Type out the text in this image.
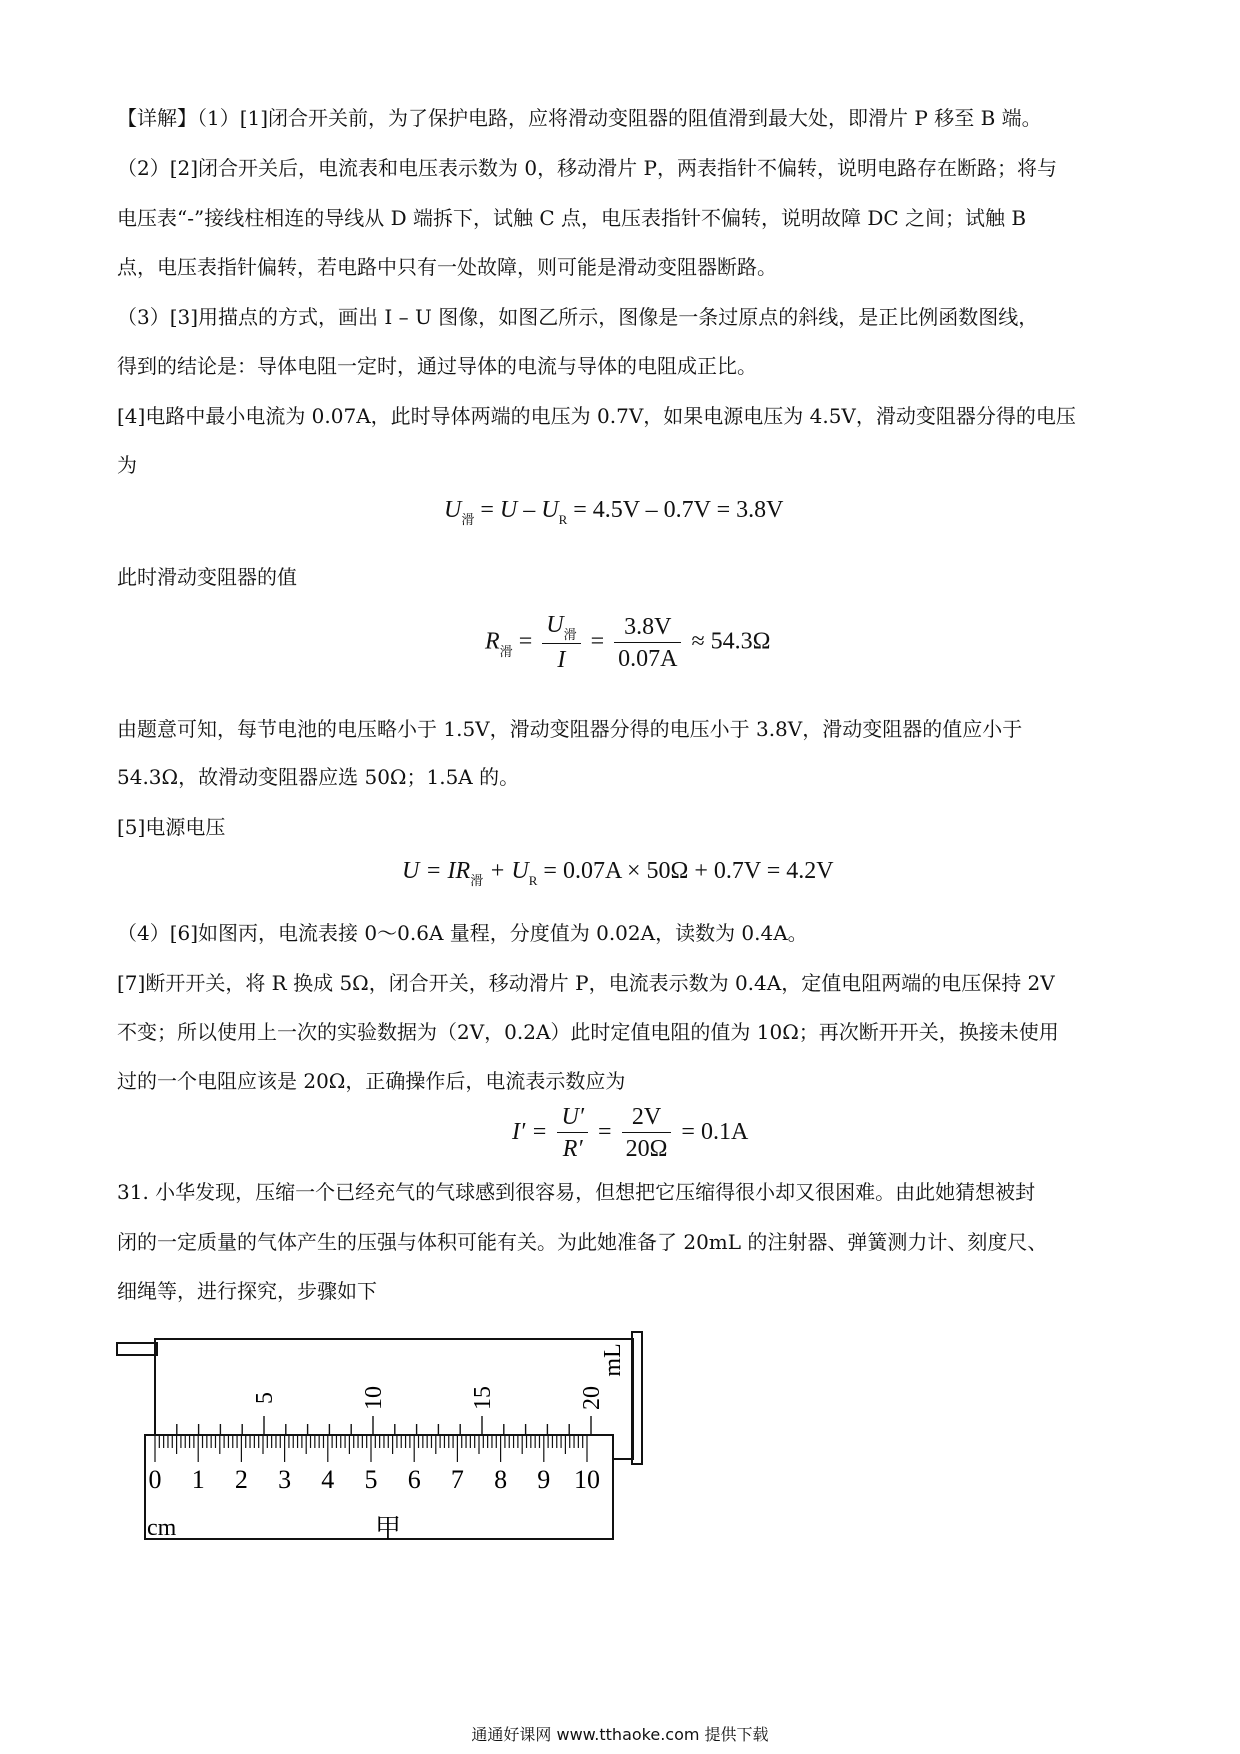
【详解】（1）[1]闭合开关前，为了保护电路，应将滑动变阻器的阻值滑到最大处，即滑片 P 移至 B 端。
（2）[2]闭合开关后，电流表和电压表示数为 0，移动滑片 P，两表指针不偏转，说明电路存在断路；将与
电压表“-”接线柱相连的导线从 D 端拆下，试触 C 点，电压表指针不偏转，说明故障 DC 之间；试触 B
点，电压表指针偏转，若电路中只有一处故障，则可能是滑动变阻器断路。
（3）[3]用描点的方式，画出 I – U 图像，如图乙所示，图像是一条过原点的斜线，是正比例函数图线，
得到的结论是：导体电阻一定时，通过导体的电流与导体的电阻成正比。
[4]电路中最小电流为 0.07A，此时导体两端的电压为 0.7V，如果电源电压为 4.5V，滑动变阻器分得的电压
为
$U_滑 = U - U_R = 4.5V - 0.7V = 3.8V$
此时滑动变阻器的值
$R_滑 = \frac{U_滑}{I} = \frac{3.8V}{0.07A} \approx 54.3\Omega$
由题意可知，每节电池的电压略小于 1.5V，滑动变阻器分得的电压小于 3.8V，滑动变阻器的值应小于
54.3Ω，故滑动变阻器应选 50Ω；1.5A 的。
[5]电源电压
$U = IR_滑 + U_R = 0.07A \times 50\Omega + 0.7V = 4.2V$
（4）[6]如图丙，电流表接 0～0.6A 量程，分度值为 0.02A，读数为 0.4A。
[7]断开开关，将 R 换成 5Ω，闭合开关，移动滑片 P，电流表示数为 0.4A，定值电阻两端的电压保持 2V
不变；所以使用上一次的实验数据为（2V，0.2A）此时定值电阻的值为 10Ω；再次断开开关，换接未使用
过的一个电阻应该是 20Ω，正确操作后，电流表示数应为
$I' = \frac{U'}{R'} = \frac{2V}{20\Omega} = 0.1A$
31. 小华发现，压缩一个已经充气的气球感到很容易，但想把它压缩得很小却又很困难。由此她猜想被封
闭的一定质量的气体产生的压强与体积可能有关。为此她准备了 20mL 的注射器、弹簧测力计、刻度尺、
细绳等，进行探究，步骤如下
5	10	15	20
0 1 2 3 4 5 6 7 8 9 10
mL
cm	甲
通通好课网 www.tthaoke.com 提供下载
